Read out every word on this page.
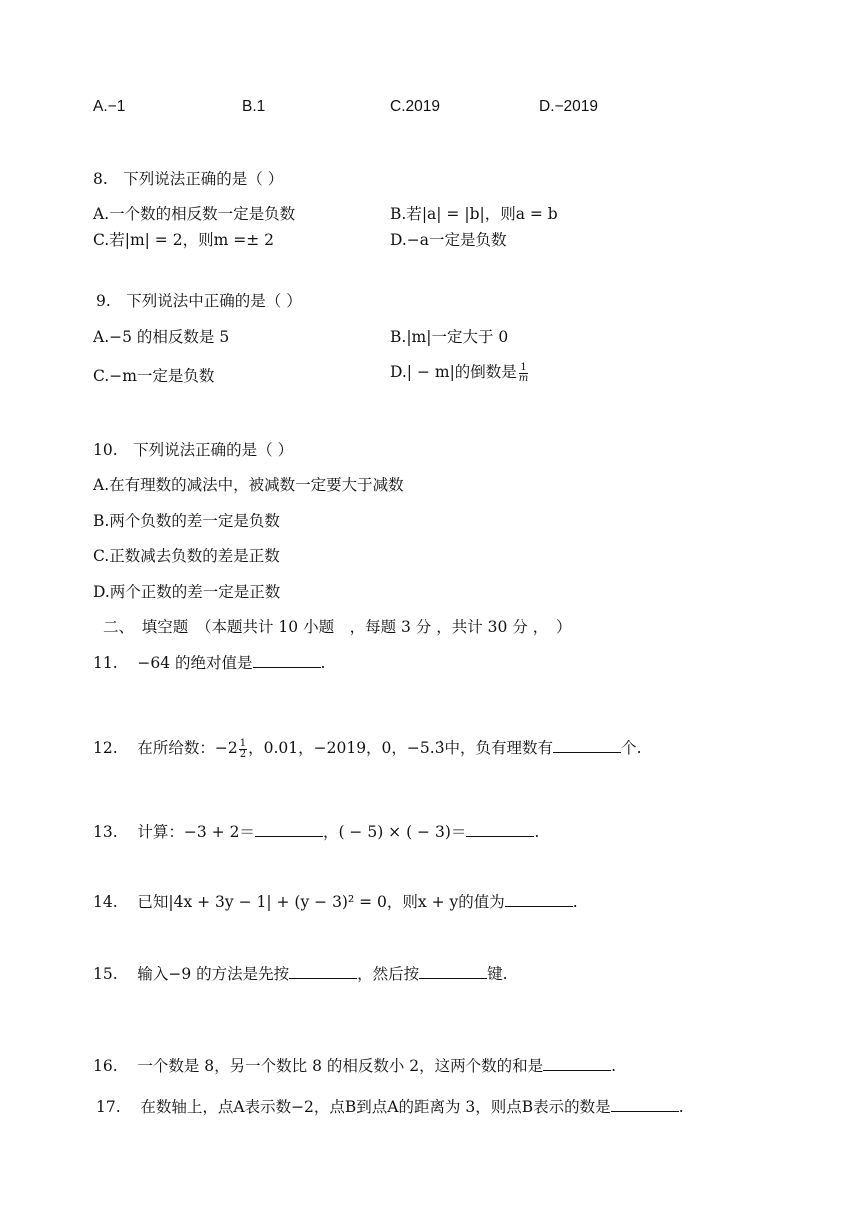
A.−1	B.1	C.2019	D.−2019
8.　下列说法正确的是（ ）
A.一个数的相反数一定是负数	B.若|a| = |b|，则a = b
C.若|m| = 2，则m =± 2	D.−a一定是负数
9.　下列说法中正确的是（ ）
A.−5 的相反数是 5	B.|m|一定大于 0
C.−m一定是负数	D.| − m|的倒数是 $\frac{1}{m}$
10.　下列说法正确的是（ ）
A.在有理数的减法中，被减数一定要大于减数
B.两个负数的差一定是负数
C.正数减去负数的差是正数
D.两个正数的差一定是正数
二、　填空题　（本题共计 10 小题　，每题 3 分 ，共计 30 分 ，　）
11. −64 的绝对值是	.
12. 在所给数：$-2 \frac{1}{2}$ ，0.01，−2019，0，−5.3̇中，负有理数有	个.
13. 计算：−3 + 2＝	，( − 5) × ( − 3)＝	.
14. 已知|4x + 3y − 1| + (y − 3)² = 0，则x + y的值为	.
15. 输入−9 的方法是先按	，然后按	键.
16. 一个数是 8，另一个数比 8 的相反数小 2，这两个数的和是	.
17. 在数轴上，点A表示数−2，点B到点A的距离为 3，则点B表示的数是	.
